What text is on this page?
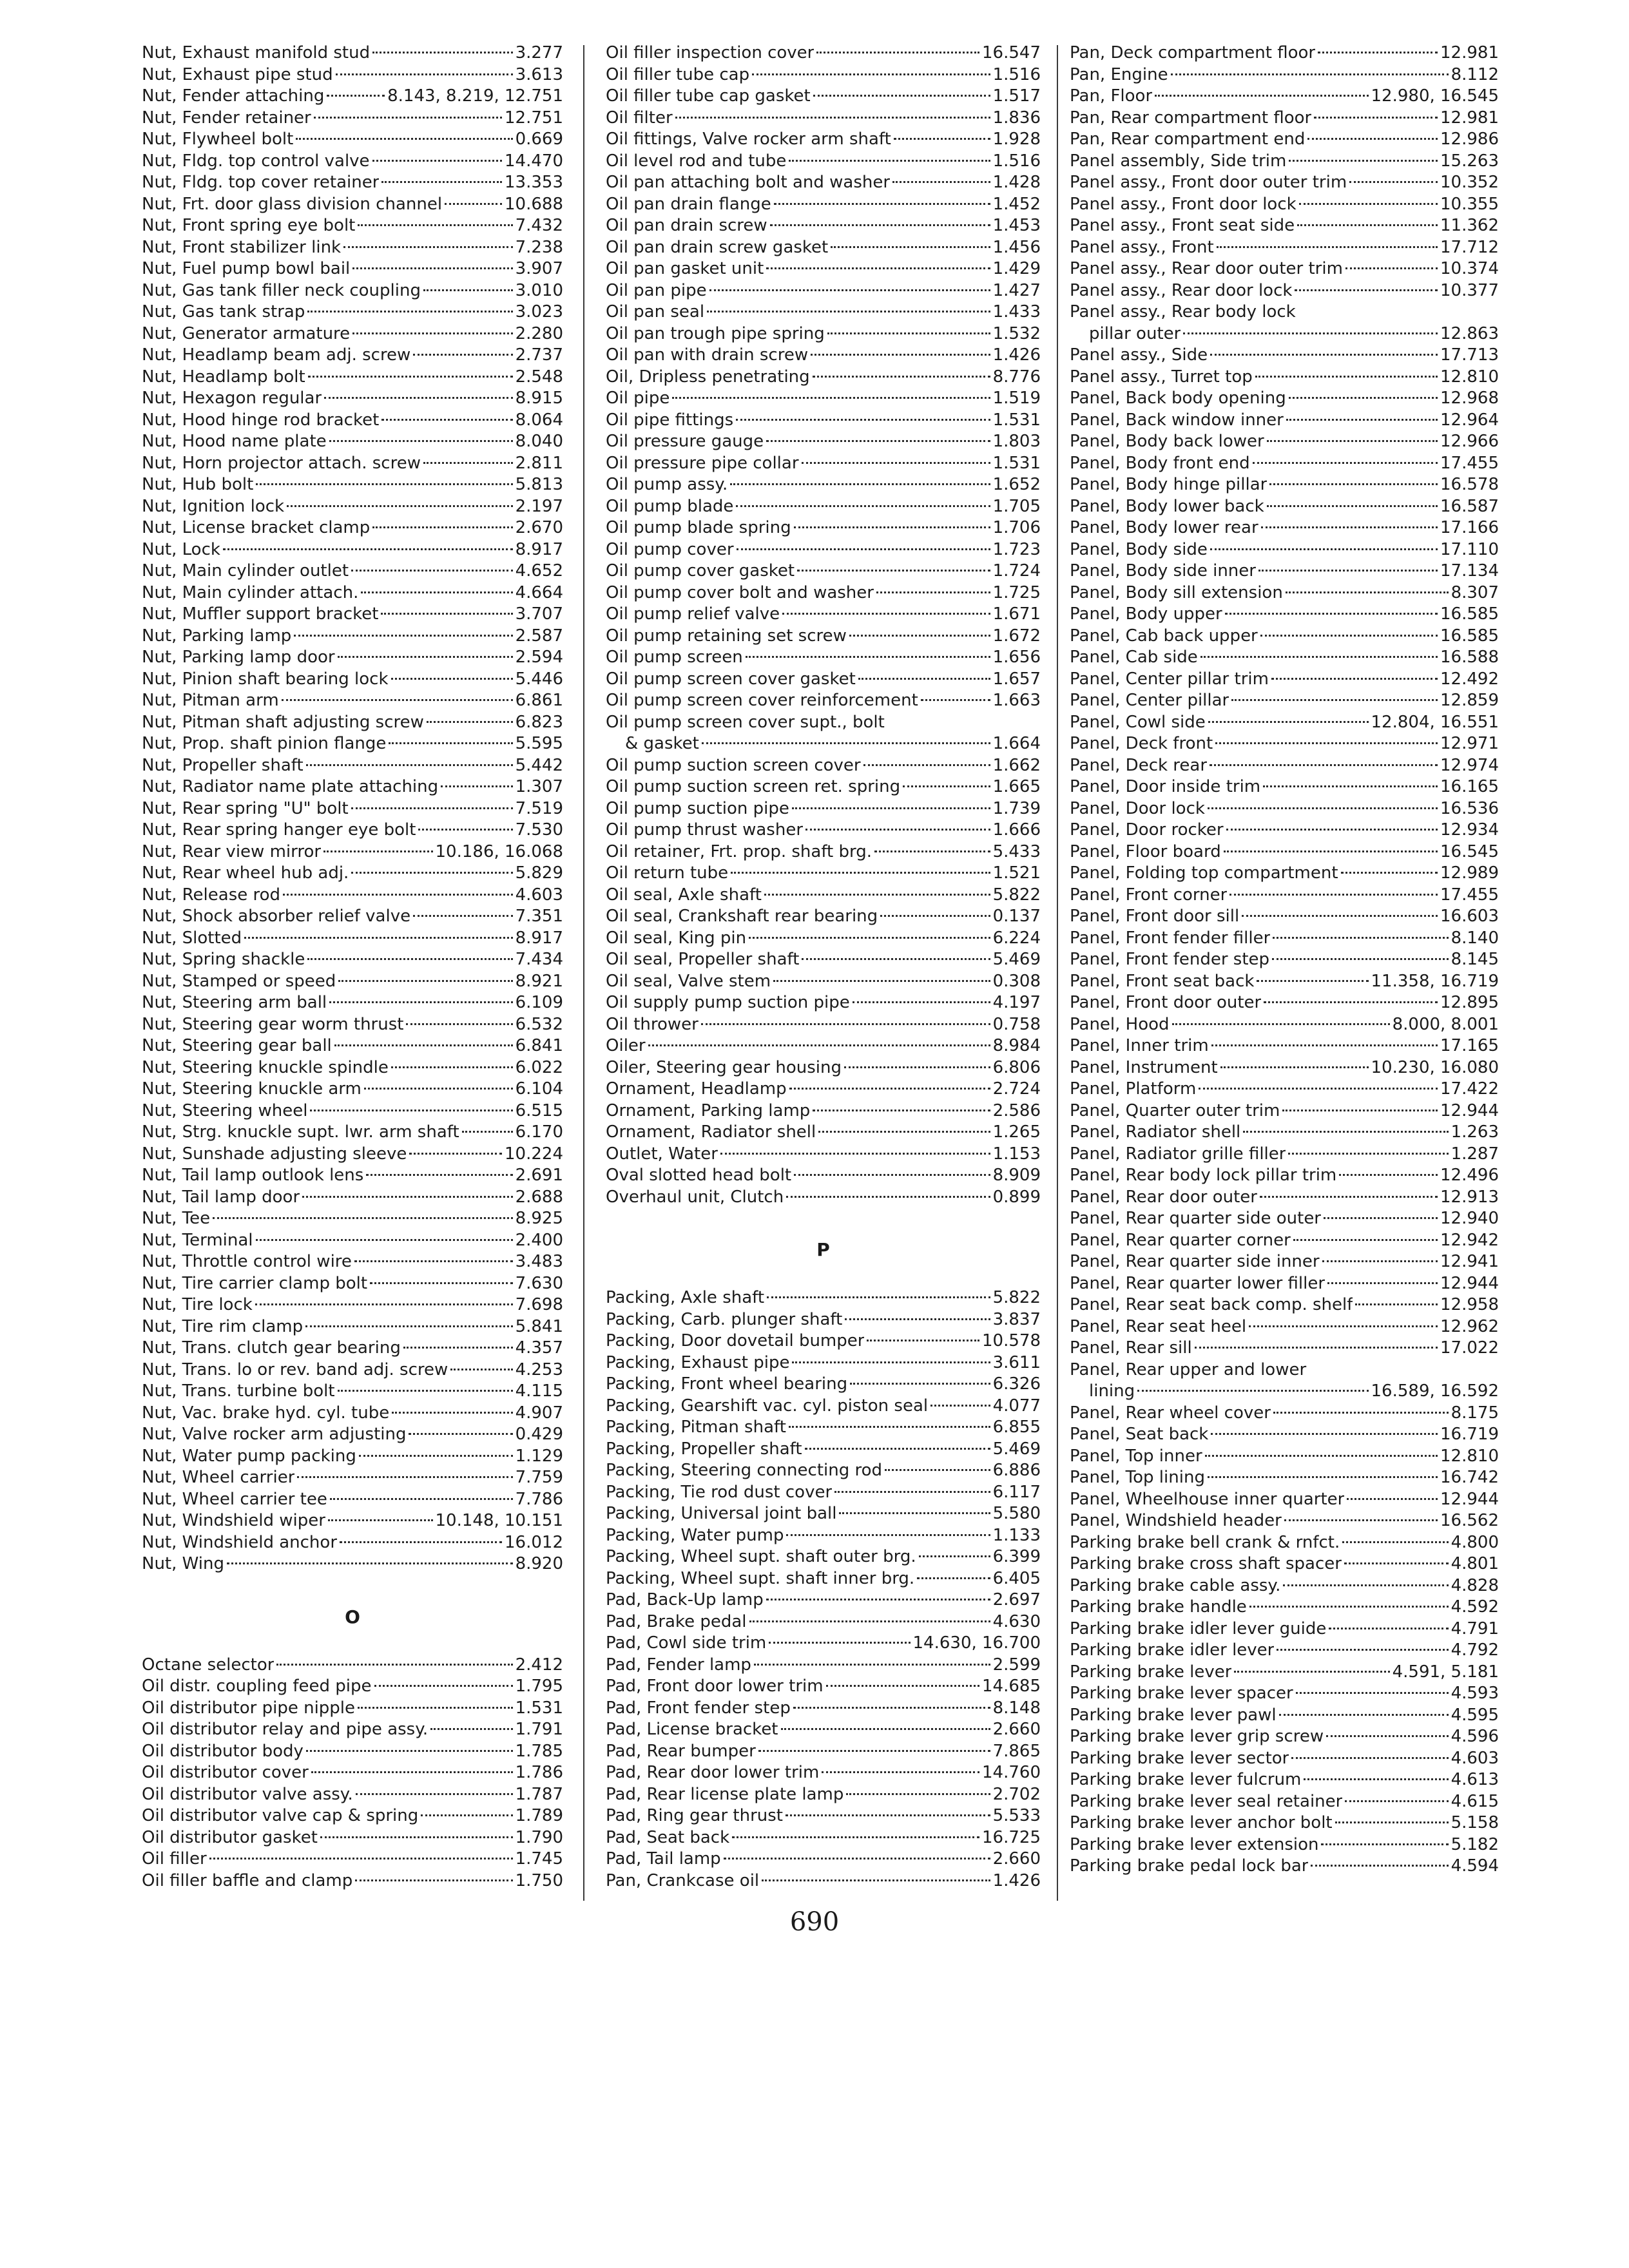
Nut, Exhaust manifold stud	3.277
Nut, Exhaust pipe stud	3.613
Nut, Fender attaching	8.143, 8.219, 12.751
Nut, Fender retainer	12.751
Nut, Flywheel bolt	0.669
Nut, Fldg. top control valve	14.470
Nut, Fldg. top cover retainer	13.353
Nut, Frt. door glass division channel	10.688
Nut, Front spring eye bolt	7.432
Nut, Front stabilizer link	7.238
Nut, Fuel pump bowl bail	3.907
Nut, Gas tank filler neck coupling	3.010
Nut, Gas tank strap	3.023
Nut, Generator armature	2.280
Nut, Headlamp beam adj. screw	2.737
Nut, Headlamp bolt	2.548
Nut, Hexagon regular	8.915
Nut, Hood hinge rod bracket	8.064
Nut, Hood name plate	8.040
Nut, Horn projector attach. screw	2.811
Nut, Hub bolt	5.813
Nut, Ignition lock	2.197
Nut, License bracket clamp	2.670
Nut, Lock	8.917
Nut, Main cylinder outlet	4.652
Nut, Main cylinder attach.	4.664
Nut, Muffler support bracket	3.707
Nut, Parking lamp	2.587
Nut, Parking lamp door	2.594
Nut, Pinion shaft bearing lock	5.446
Nut, Pitman arm	6.861
Nut, Pitman shaft adjusting screw	6.823
Nut, Prop. shaft pinion flange	5.595
Nut, Propeller shaft	5.442
Nut, Radiator name plate attaching	1.307
Nut, Rear spring "U" bolt	7.519
Nut, Rear spring hanger eye bolt	7.530
Nut, Rear view mirror	10.186, 16.068
Nut, Rear wheel hub adj.	5.829
Nut, Release rod	4.603
Nut, Shock absorber relief valve	7.351
Nut, Slotted	8.917
Nut, Spring shackle	7.434
Nut, Stamped or speed	8.921
Nut, Steering arm ball	6.109
Nut, Steering gear worm thrust	6.532
Nut, Steering gear ball	6.841
Nut, Steering knuckle spindle	6.022
Nut, Steering knuckle arm	6.104
Nut, Steering wheel	6.515
Nut, Strg. knuckle supt. lwr. arm shaft	6.170
Nut, Sunshade adjusting sleeve	10.224
Nut, Tail lamp outlook lens	2.691
Nut, Tail lamp door	2.688
Nut, Tee	8.925
Nut, Terminal	2.400
Nut, Throttle control wire	3.483
Nut, Tire carrier clamp bolt	7.630
Nut, Tire lock	7.698
Nut, Tire rim clamp	5.841
Nut, Trans. clutch gear bearing	4.357
Nut, Trans. lo or rev. band adj. screw	4.253
Nut, Trans. turbine bolt	4.115
Nut, Vac. brake hyd. cyl. tube	4.907
Nut, Valve rocker arm adjusting	0.429
Nut, Water pump packing	1.129
Nut, Wheel carrier	7.759
Nut, Wheel carrier tee	7.786
Nut, Windshield wiper	10.148, 10.151
Nut, Windshield anchor	16.012
Nut, Wing	8.920
O
Octane selector	2.412
Oil distr. coupling feed pipe	1.795
Oil distributor pipe nipple	1.531
Oil distributor relay and pipe assy.	1.791
Oil distributor body	1.785
Oil distributor cover	1.786
Oil distributor valve assy.	1.787
Oil distributor valve cap & spring	1.789
Oil distributor gasket	1.790
Oil filler	1.745
Oil filler baffle and clamp	1.750
Oil filler inspection cover	16.547
Oil filler tube cap	1.516
Oil filler tube cap gasket	1.517
Oil filter	1.836
Oil fittings, Valve rocker arm shaft	1.928
Oil level rod and tube	1.516
Oil pan attaching bolt and washer	1.428
Oil pan drain flange	1.452
Oil pan drain screw	1.453
Oil pan drain screw gasket	1.456
Oil pan gasket unit	1.429
Oil pan pipe	1.427
Oil pan seal	1.433
Oil pan trough pipe spring	1.532
Oil pan with drain screw	1.426
Oil, Dripless penetrating	8.776
Oil pipe	1.519
Oil pipe fittings	1.531
Oil pressure gauge	1.803
Oil pressure pipe collar	1.531
Oil pump assy.	1.652
Oil pump blade	1.705
Oil pump blade spring	1.706
Oil pump cover	1.723
Oil pump cover gasket	1.724
Oil pump cover bolt and washer	1.725
Oil pump relief valve	1.671
Oil pump retaining set screw	1.672
Oil pump screen	1.656
Oil pump screen cover gasket	1.657
Oil pump screen cover reinforcement	1.663
Oil pump screen cover supt., bolt
& gasket	1.664
Oil pump suction screen cover	1.662
Oil pump suction screen ret. spring	1.665
Oil pump suction pipe	1.739
Oil pump thrust washer	1.666
Oil retainer, Frt. prop. shaft brg.	5.433
Oil return tube	1.521
Oil seal, Axle shaft	5.822
Oil seal, Crankshaft rear bearing	0.137
Oil seal, King pin	6.224
Oil seal, Propeller shaft	5.469
Oil seal, Valve stem	0.308
Oil supply pump suction pipe	4.197
Oil thrower	0.758
Oiler	8.984
Oiler, Steering gear housing	6.806
Ornament, Headlamp	2.724
Ornament, Parking lamp	2.586
Ornament, Radiator shell	1.265
Outlet, Water	1.153
Oval slotted head bolt	8.909
Overhaul unit, Clutch	0.899
P
Packing, Axle shaft	5.822
Packing, Carb. plunger shaft	3.837
Packing, Door dovetail bumper	10.578
Packing, Exhaust pipe	3.611
Packing, Front wheel bearing	6.326
Packing, Gearshift vac. cyl. piston seal	4.077
Packing, Pitman shaft	6.855
Packing, Propeller shaft	5.469
Packing, Steering connecting rod	6.886
Packing, Tie rod dust cover	6.117
Packing, Universal joint ball	5.580
Packing, Water pump	1.133
Packing, Wheel supt. shaft outer brg.	6.399
Packing, Wheel supt. shaft inner brg.	6.405
Pad, Back-Up lamp	2.697
Pad, Brake pedal	4.630
Pad, Cowl side trim	14.630, 16.700
Pad, Fender lamp	2.599
Pad, Front door lower trim	14.685
Pad, Front fender step	8.148
Pad, License bracket	2.660
Pad, Rear bumper	7.865
Pad, Rear door lower trim	14.760
Pad, Rear license plate lamp	2.702
Pad, Ring gear thrust	5.533
Pad, Seat back	16.725
Pad, Tail lamp	2.660
Pan, Crankcase oil	1.426
Pan, Deck compartment floor	12.981
Pan, Engine	8.112
Pan, Floor	12.980, 16.545
Pan, Rear compartment floor	12.981
Pan, Rear compartment end	12.986
Panel assembly, Side trim	15.263
Panel assy., Front door outer trim	10.352
Panel assy., Front door lock	10.355
Panel assy., Front seat side	11.362
Panel assy., Front	17.712
Panel assy., Rear door outer trim	10.374
Panel assy., Rear door lock	10.377
Panel assy., Rear body lock
pillar outer	12.863
Panel assy., Side	17.713
Panel assy., Turret top	12.810
Panel, Back body opening	12.968
Panel, Back window inner	12.964
Panel, Body back lower	12.966
Panel, Body front end	17.455
Panel, Body hinge pillar	16.578
Panel, Body lower back	16.587
Panel, Body lower rear	17.166
Panel, Body side	17.110
Panel, Body side inner	17.134
Panel, Body sill extension	8.307
Panel, Body upper	16.585
Panel, Cab back upper	16.585
Panel, Cab side	16.588
Panel, Center pillar trim	12.492
Panel, Center pillar	12.859
Panel, Cowl side	12.804, 16.551
Panel, Deck front	12.971
Panel, Deck rear	12.974
Panel, Door inside trim	16.165
Panel, Door lock	16.536
Panel, Door rocker	12.934
Panel, Floor board	16.545
Panel, Folding top compartment	12.989
Panel, Front corner	17.455
Panel, Front door sill	16.603
Panel, Front fender filler	8.140
Panel, Front fender step	8.145
Panel, Front seat back	11.358, 16.719
Panel, Front door outer	12.895
Panel, Hood	8.000, 8.001
Panel, Inner trim	17.165
Panel, Instrument	10.230, 16.080
Panel, Platform	17.422
Panel, Quarter outer trim	12.944
Panel, Radiator shell	1.263
Panel, Radiator grille filler	1.287
Panel, Rear body lock pillar trim	12.496
Panel, Rear door outer	12.913
Panel, Rear quarter side outer	12.940
Panel, Rear quarter corner	12.942
Panel, Rear quarter side inner	12.941
Panel, Rear quarter lower filler	12.944
Panel, Rear seat back comp. shelf	12.958
Panel, Rear seat heel	12.962
Panel, Rear sill	17.022
Panel, Rear upper and lower
lining	16.589, 16.592
Panel, Rear wheel cover	8.175
Panel, Seat back	16.719
Panel, Top inner	12.810
Panel, Top lining	16.742
Panel, Wheelhouse inner quarter	12.944
Panel, Windshield header	16.562
Parking brake bell crank & rnfct.	4.800
Parking brake cross shaft spacer	4.801
Parking brake cable assy.	4.828
Parking brake handle	4.592
Parking brake idler lever guide	4.791
Parking brake idler lever	4.792
Parking brake lever	4.591, 5.181
Parking brake lever spacer	4.593
Parking brake lever pawl	4.595
Parking brake lever grip screw	4.596
Parking brake lever sector	4.603
Parking brake lever fulcrum	4.613
Parking brake lever seal retainer	4.615
Parking brake lever anchor bolt	5.158
Parking brake lever extension	5.182
Parking brake pedal lock bar	4.594
690
